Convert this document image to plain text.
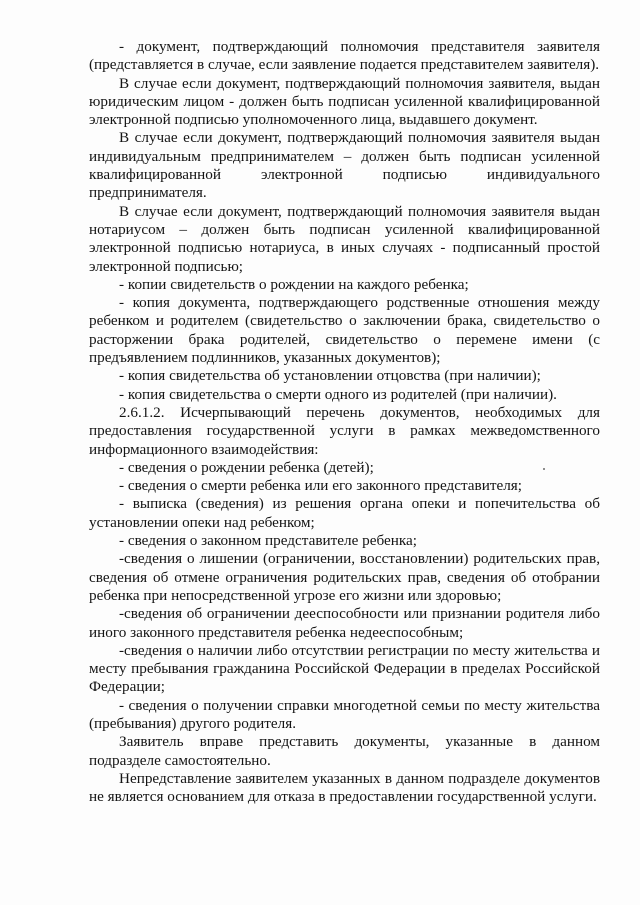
- документ, подтверждающий полномочия представителя заявителя (представляется в случае, если заявление подается представителем заявителя).

В случае если документ, подтверждающий полномочия заявителя, выдан юридическим лицом - должен быть подписан усиленной квалифицированной электронной подписью уполномоченного лица, выдавшего документ.

В случае если документ, подтверждающий полномочия заявителя выдан индивидуальным предпринимателем – должен быть подписан усиленной квалифицированной электронной подписью индивидуального предпринимателя.

В случае если документ, подтверждающий полномочия заявителя выдан нотариусом – должен быть подписан усиленной квалифицированной электронной подписью нотариуса, в иных случаях - подписанный простой электронной подписью;

- копии свидетельств о рождении на каждого ребенка;

- копия документа, подтверждающего родственные отношения между ребенком и родителем (свидетельство о заключении брака, свидетельство о расторжении брака родителей, свидетельство о перемене имени (с предъявлением подлинников, указанных документов);

- копия свидетельства об установлении отцовства (при наличии);

- копия свидетельства о смерти одного из родителей (при наличии).

2.6.1.2. Исчерпывающий перечень документов, необходимых для предоставления государственной услуги в рамках межведомственного информационного взаимодействия:

- сведения о рождении ребенка (детей);

- сведения о смерти ребенка или его законного представителя;

- выписка (сведения) из решения органа опеки и попечительства об установлении опеки над ребенком;

- сведения о законном представителе ребенка;

-сведения о лишении (ограничении, восстановлении) родительских прав, сведения об отмене ограничения родительских прав, сведения об отобрании ребенка при непосредственной угрозе его жизни или здоровью;

-сведения об ограничении дееспособности или признании родителя либо иного законного представителя ребенка недееспособным;

-сведения о наличии либо отсутствии регистрации по месту жительства и месту пребывания гражданина Российской Федерации в пределах Российской Федерации;

- сведения о получении справки многодетной семьи по месту жительства (пребывания) другого родителя.

Заявитель вправе представить документы, указанные в данном подразделе самостоятельно.

Непредставление заявителем указанных в данном подразделе документов не является основанием для отказа в предоставлении государственной услуги.
